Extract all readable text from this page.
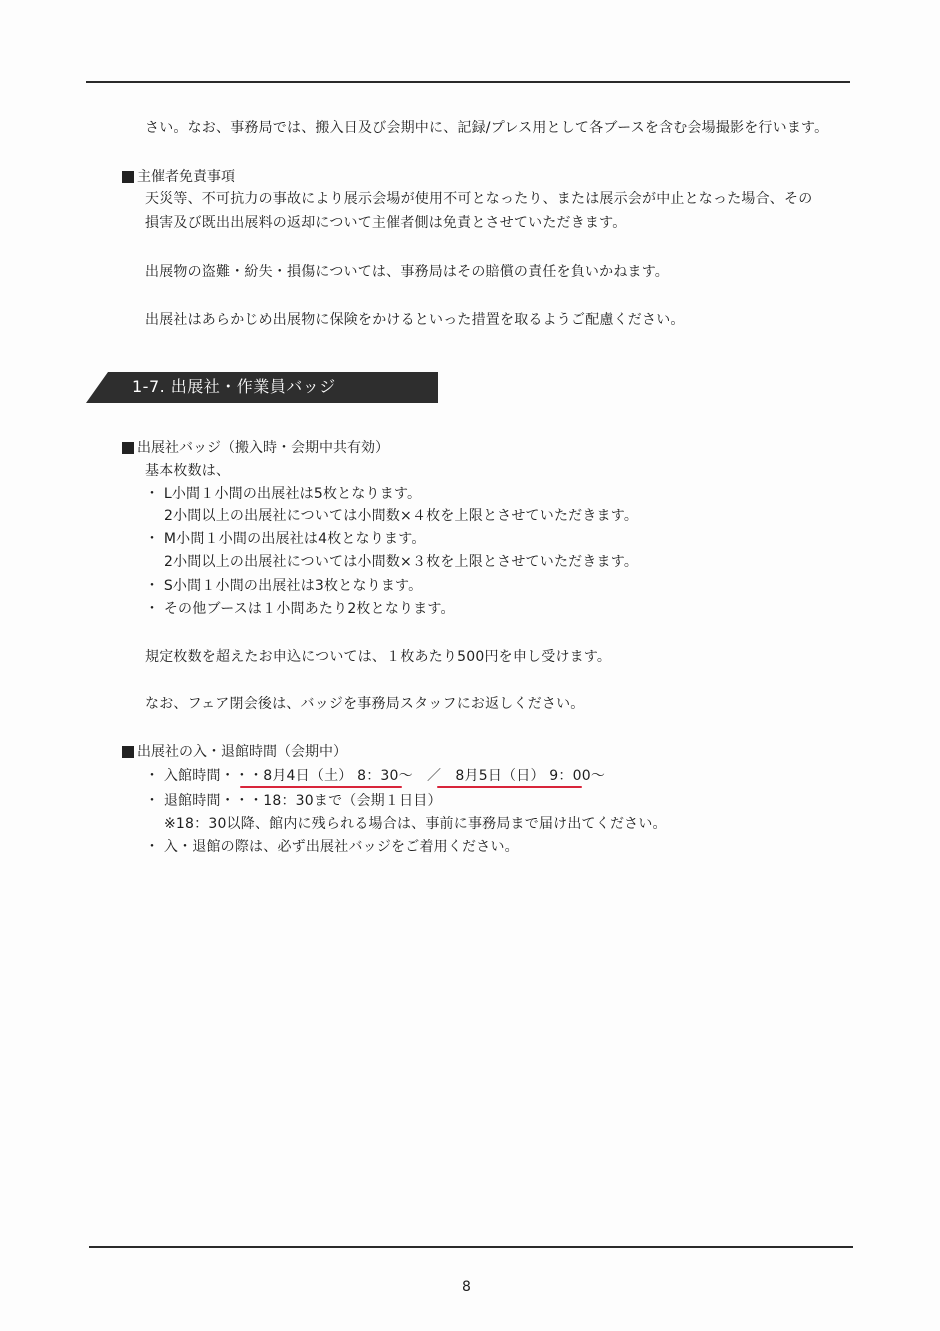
さい。なお、事務局では、搬入日及び会期中に、記録/プレス用として各ブースを含む会場撮影を行います。
主催者免責事項
天災等、不可抗力の事故により展示会場が使用不可となったり、または展示会が中止となった場合、その
損害及び既出出展料の返却について主催者側は免責とさせていただきます。
出展物の盗難・紛失・損傷については、事務局はその賠償の責任を負いかねます。
出展社はあらかじめ出展物に保険をかけるといった措置を取るようご配慮ください。
1-7. 出展社・作業員バッジ
出展社バッジ（搬入時・会期中共有効）
基本枚数は、
・ L小間１小間の出展社は5枚となります。
2小間以上の出展社については小間数×４枚を上限とさせていただきます。
・ M小間１小間の出展社は4枚となります。
2小間以上の出展社については小間数×３枚を上限とさせていただきます。
・ S小間１小間の出展社は3枚となります。
・ その他ブースは１小間あたり2枚となります。
規定枚数を超えたお申込については、１枚あたり500円を申し受けます。
なお、フェア閉会後は、バッジを事務局スタッフにお返しください。
出展社の入・退館時間（会期中）
・ 入館時間・・・8月4日（土） 8：30～　／　8月5日（日） 9：00～
・ 退館時間・・・18：30まで（会期１日目）
※18：30以降、館内に残られる場合は、事前に事務局まで届け出てください。
・ 入・退館の際は、必ず出展社バッジをご着用ください。
8
